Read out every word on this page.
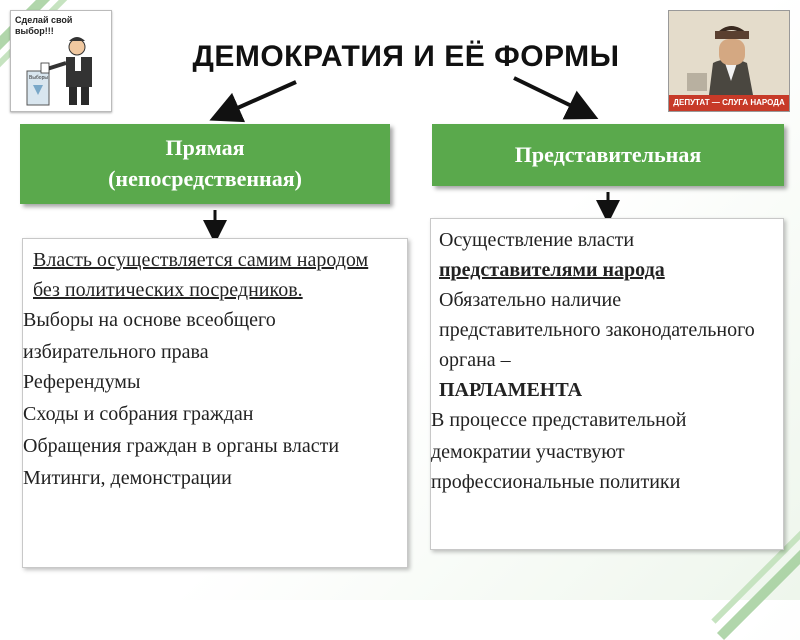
Сделай свой выбор!!!
Выборы
ДЕПУТАТ — СЛУГА НАРОДА
ДЕМОКРАТИЯ И ЕЁ ФОРМЫ
Прямая
(непосредственная)
Представительная
Власть осуществляется самим народом без политических посредников.
Выборы на основе всеобщего избирательного права
Референдумы
Сходы и собрания граждан
Обращения граждан в органы власти
Митинги, демонстрации
Осуществление власти
представителями народа
Обязательно наличие представительного законодательного органа –
ПАРЛАМЕНТА
В процессе представительной демократии участвуют профессиональные политики
